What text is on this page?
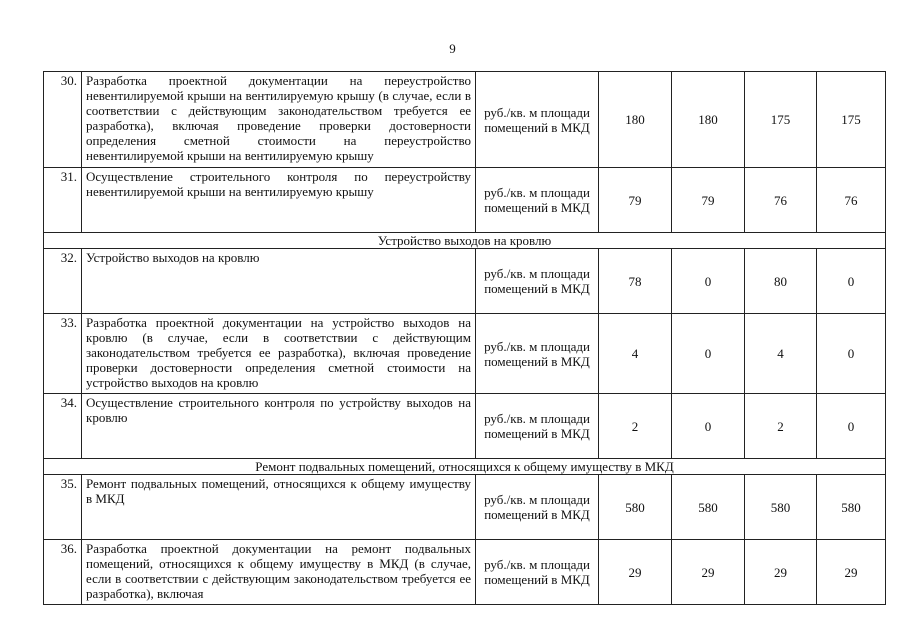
9
30.	Разработка проектной документации на переустройство невентилируемой крыши на вентилируемую крышу (в случае, если в соответствии с действующим законодательством требуется ее разработка), включая проведение проверки достоверности определения сметной стоимости на переустройство невентилируемой крыши на вентилируемую крышу	руб./кв. м площади помещений в МКД	180	180	175	175
31.	Осуществление строительного контроля по переустройству невентилируемой крыши на вентилируемую крышу	руб./кв. м площади помещений в МКД	79	79	76	76
Устройство выходов на кровлю						
32.	Устройство выходов на кровлю	руб./кв. м площади помещений в МКД	78	0	80	0
33.	Разработка проектной документации на устройство выходов на кровлю (в случае, если в соответствии с действующим законодательством требуется ее разработка), включая проведение проверки достоверности определения сметной стоимости на устройство выходов на кровлю	руб./кв. м площади помещений в МКД	4	0	4	0
34.	Осуществление строительного контроля по устройству выходов на кровлю	руб./кв. м площади помещений в МКД	2	0	2	0
Ремонт подвальных помещений, относящихся к общему имуществу в МКД						
35.	Ремонт подвальных помещений, относящихся к общему имуществу в МКД	руб./кв. м площади помещений в МКД	580	580	580	580
36.	Разработка проектной документации на ремонт подвальных помещений, относящихся к общему имуществу в МКД (в случае, если в соответствии с действующим законодательством требуется ее разработка), включая	руб./кв. м площади помещений в МКД	29	29	29	29
